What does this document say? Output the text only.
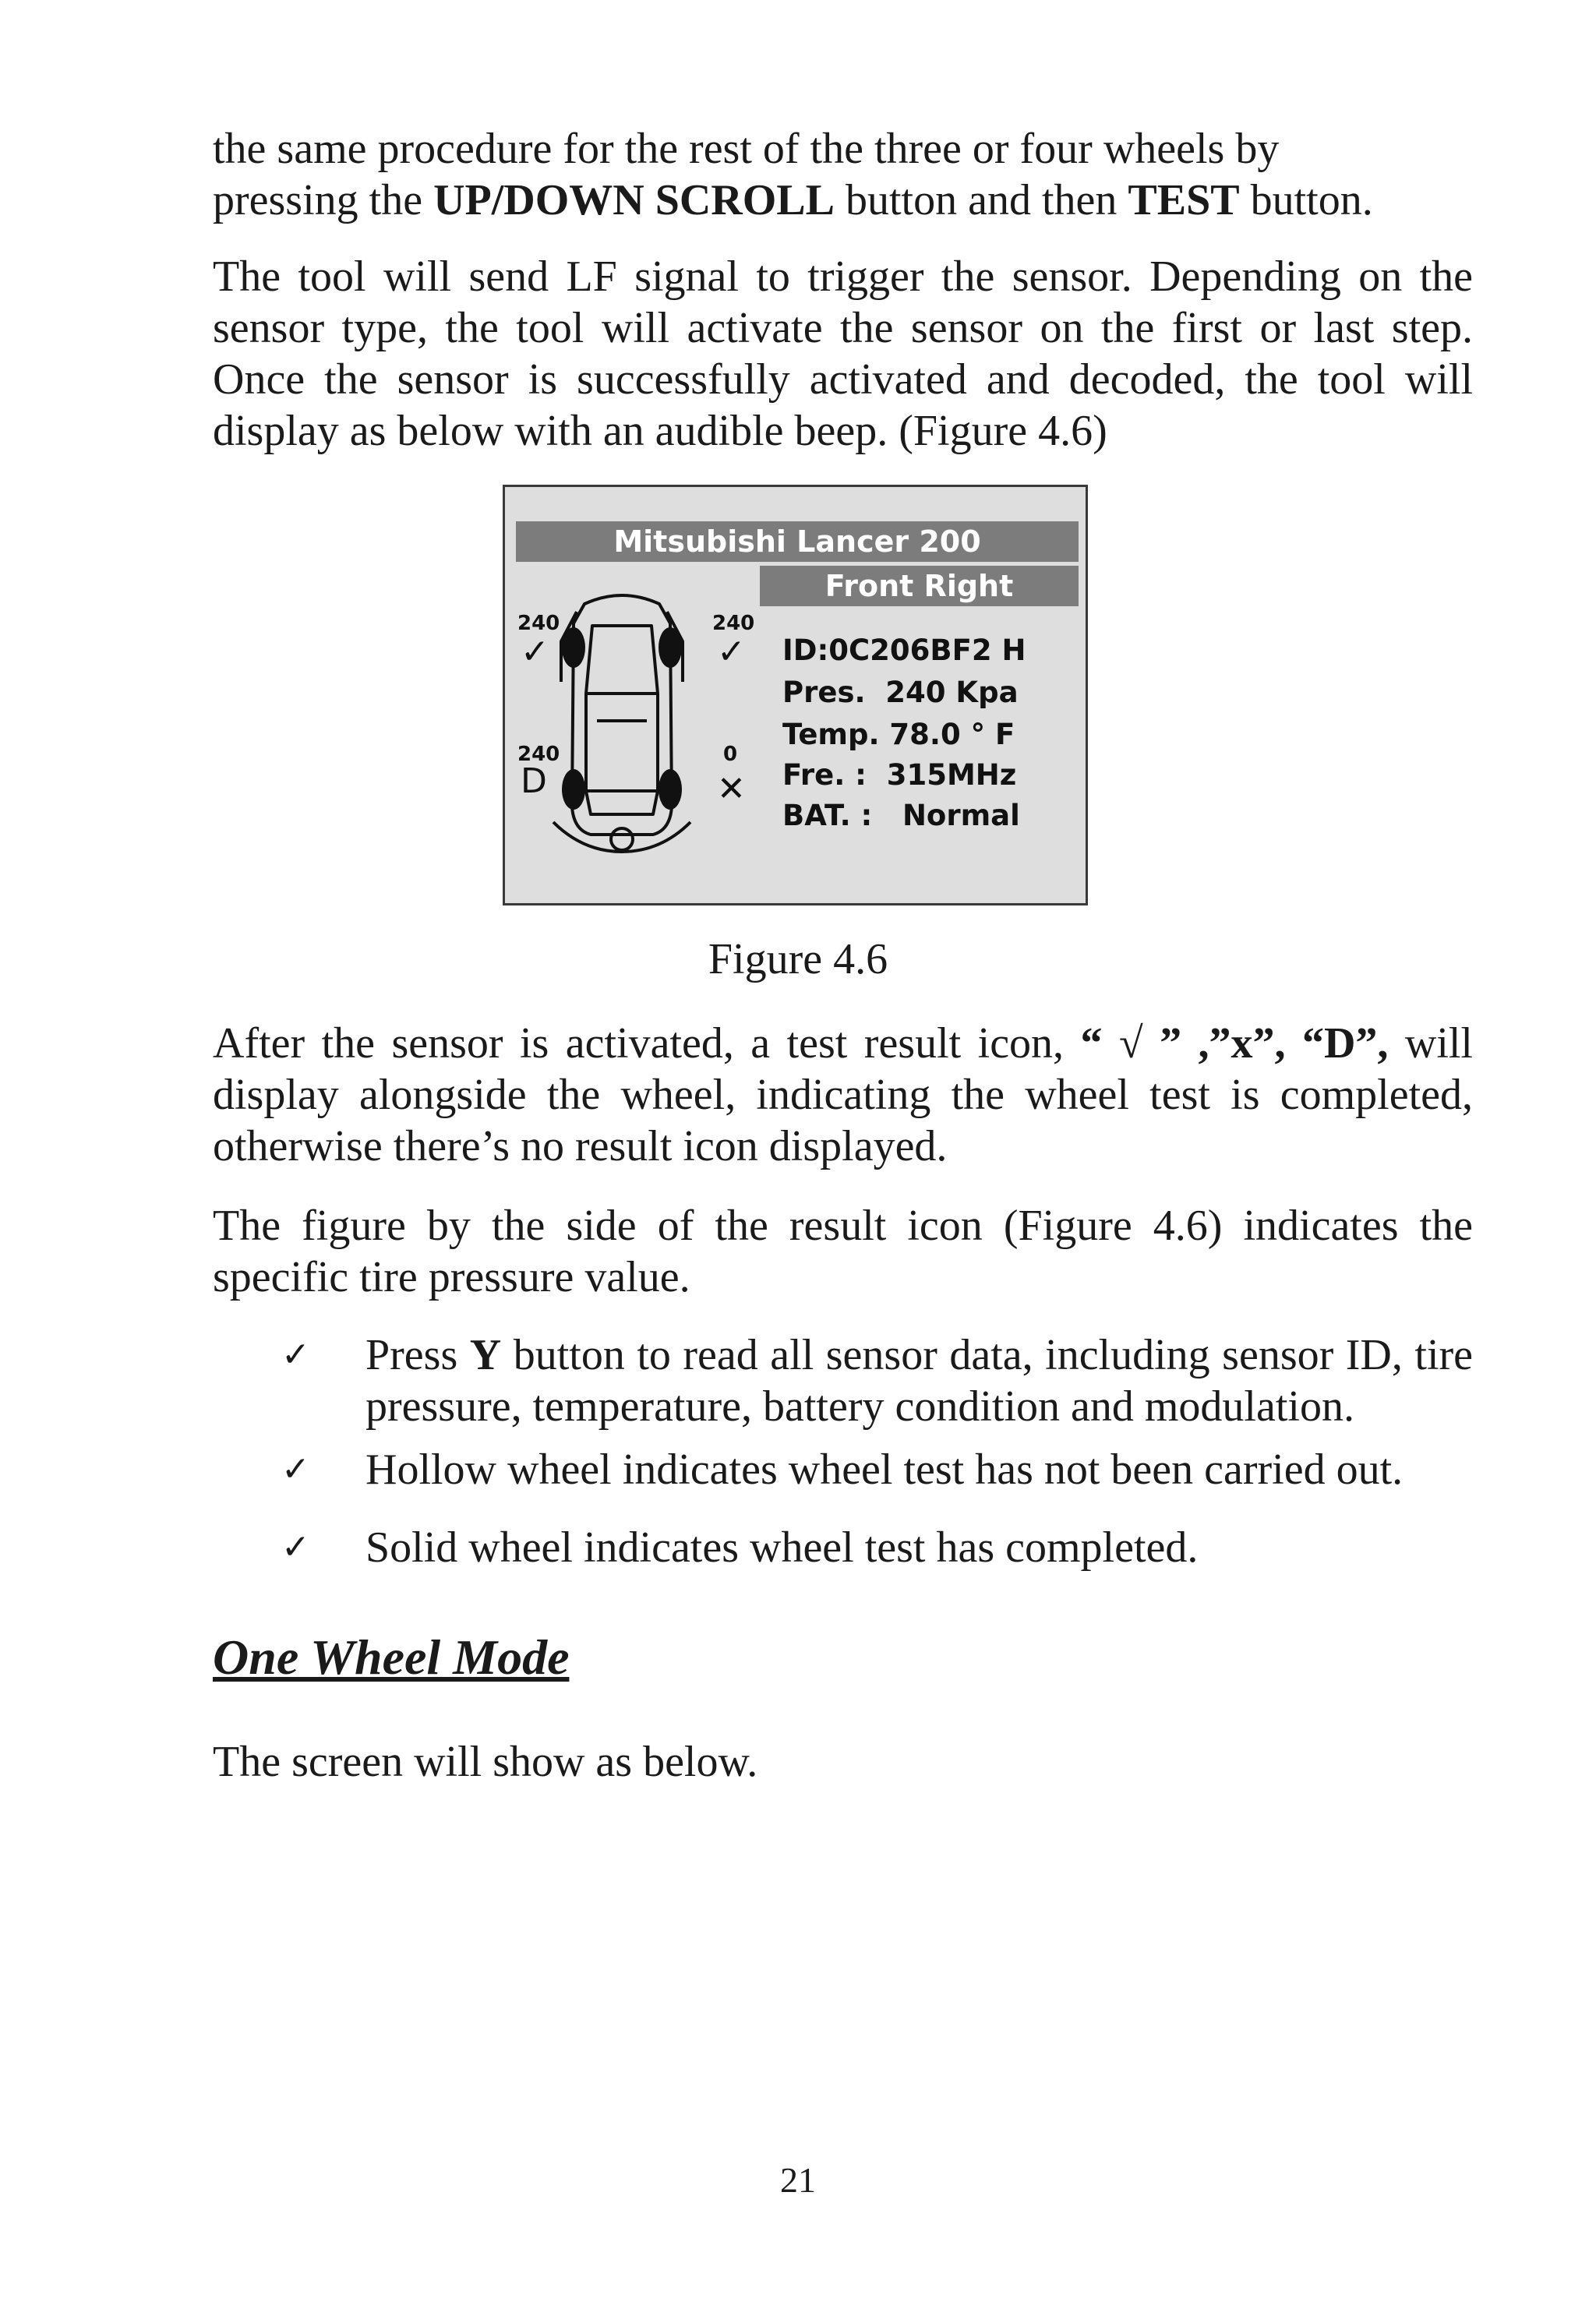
the same procedure for the rest of the three or four wheels by
pressing the UP/DOWN SCROLL button and then TEST button.

The tool will send LF signal to trigger the sensor. Depending on the sensor type, the tool will activate the sensor on the first or last step. Once the sensor is successfully activated and decoded, the tool will display as below with an audible beep. (Figure 4.6)

Mitsubishi Lancer 200
Front Right
240
✓
240
✓
240
D
0
✕
ID:0C206BF2 H
Pres.  240 Kpa
Temp. 78.0 ° F
Fre. :  315MHz
BAT. :   Normal

Figure 4.6

After the sensor is activated, a test result icon, “ √ ” ,”x”, “D”, will display alongside the wheel, indicating the wheel test is completed, otherwise there’s no result icon displayed.

The figure by the side of the result icon (Figure 4.6) indicates the specific tire pressure value.

✓ Press Y button to read all sensor data, including sensor ID, tire pressure, temperature, battery condition and modulation.

✓ Hollow wheel indicates wheel test has not been carried out.

✓ Solid wheel indicates wheel test has completed.

One Wheel Mode

The screen will show as below.

21
